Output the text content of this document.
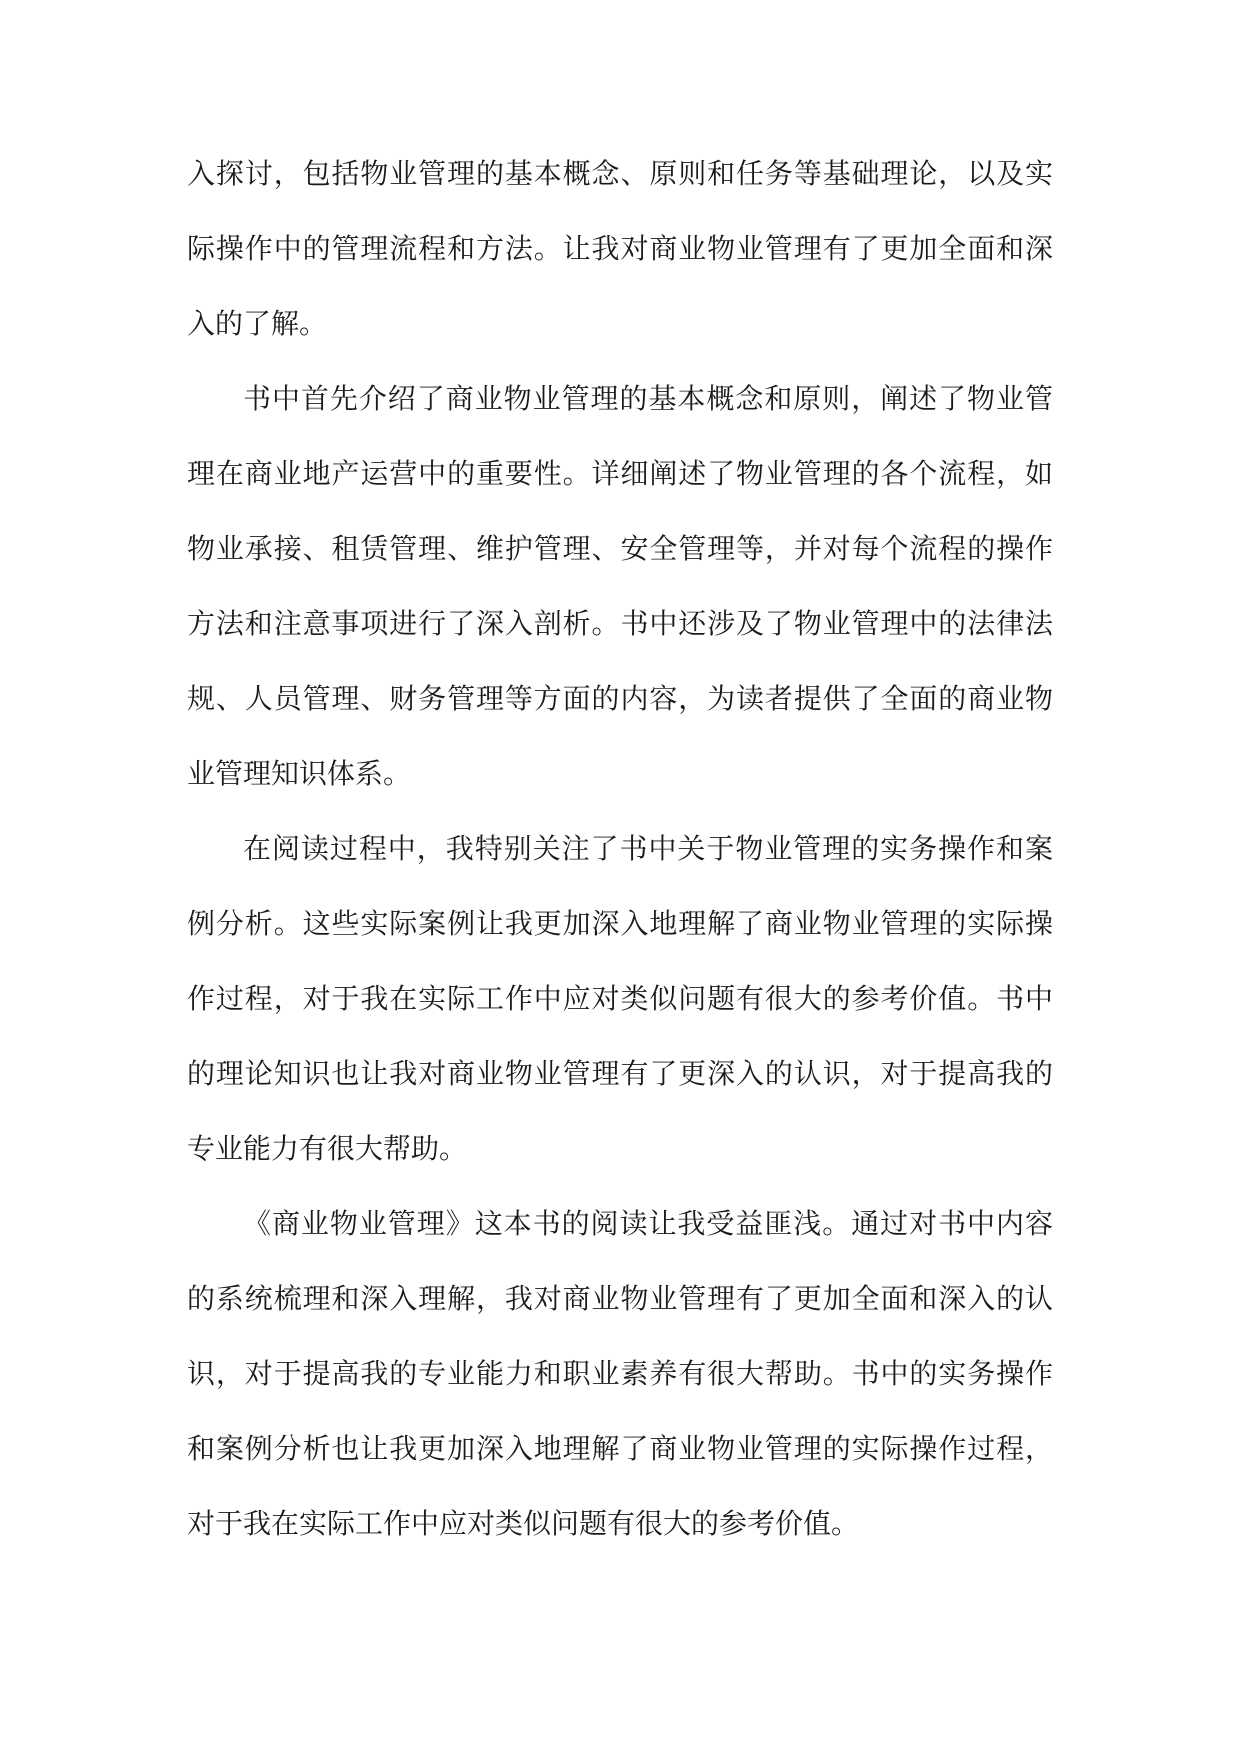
入探讨，包括物业管理的基本概念、原则和任务等基础理论，以及实
际操作中的管理流程和方法。让我对商业物业管理有了更加全面和深
入的了解。
书中首先介绍了商业物业管理的基本概念和原则，阐述了物业管
理在商业地产运营中的重要性。详细阐述了物业管理的各个流程，如
物业承接、租赁管理、维护管理、安全管理等，并对每个流程的操作
方法和注意事项进行了深入剖析。书中还涉及了物业管理中的法律法
规、人员管理、财务管理等方面的内容，为读者提供了全面的商业物
业管理知识体系。
在阅读过程中，我特别关注了书中关于物业管理的实务操作和案
例分析。这些实际案例让我更加深入地理解了商业物业管理的实际操
作过程，对于我在实际工作中应对类似问题有很大的参考价值。书中
的理论知识也让我对商业物业管理有了更深入的认识，对于提高我的
专业能力有很大帮助。
《商业物业管理》这本书的阅读让我受益匪浅。通过对书中内容
的系统梳理和深入理解，我对商业物业管理有了更加全面和深入的认
识，对于提高我的专业能力和职业素养有很大帮助。书中的实务操作
和案例分析也让我更加深入地理解了商业物业管理的实际操作过程，
对于我在实际工作中应对类似问题有很大的参考价值。
